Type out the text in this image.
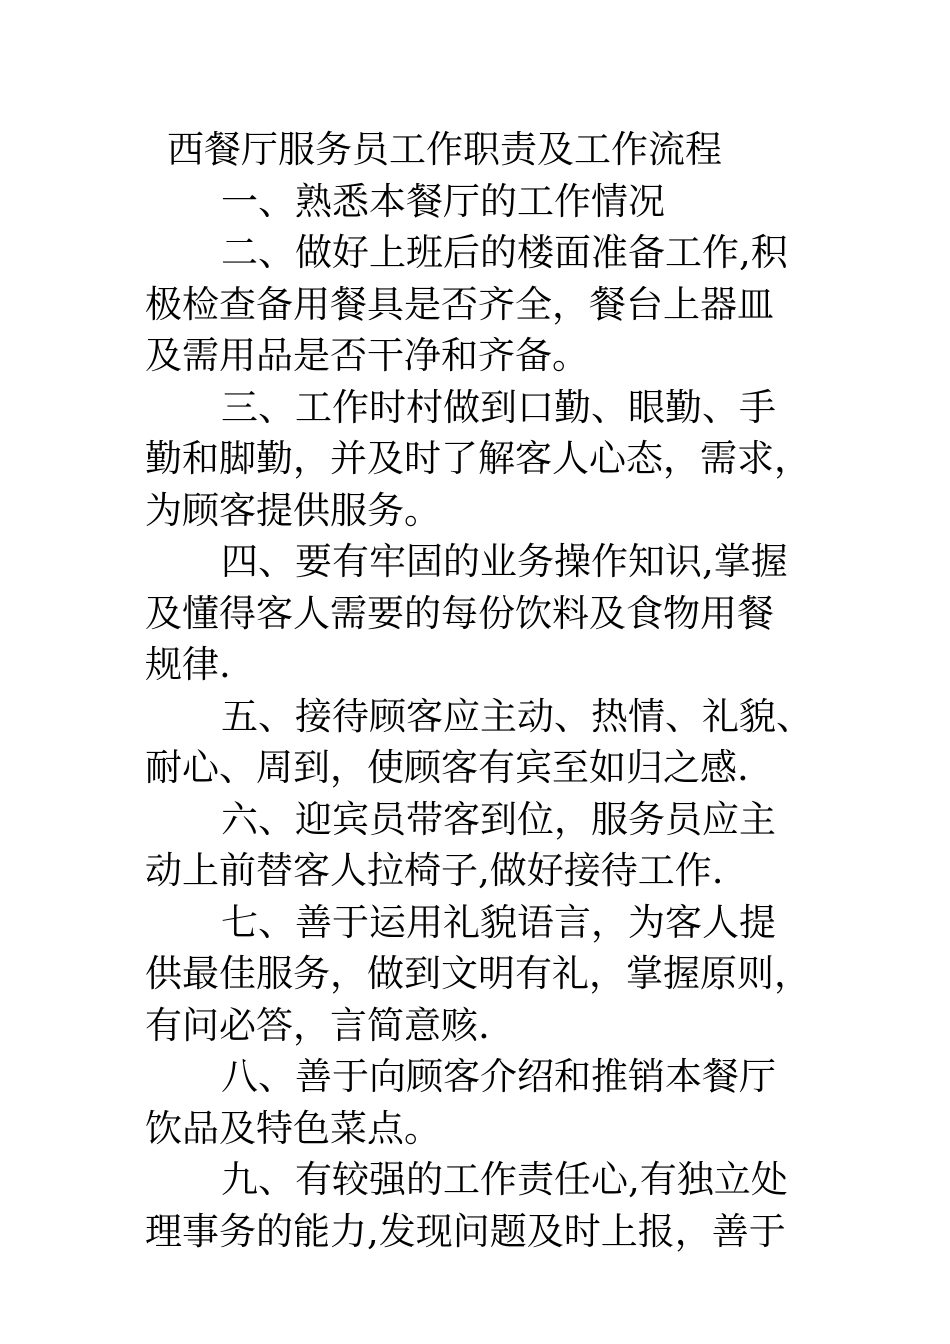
西餐厅服务员工作职责及工作流程

一、熟悉本餐厅的工作情况

二、做好上班后的楼面准备工作,积
极检查备用餐具是否齐全，餐台上器皿
及需用品是否干净和齐备。

三、工作时村做到口勤、眼勤、手
勤和脚勤，并及时了解客人心态，需求，
为顾客提供服务。

四、要有牢固的业务操作知识,掌握
及懂得客人需要的每份饮料及食物用餐
规律.

五、接待顾客应主动、热情、礼貌、
耐心、周到，使顾客有宾至如归之感.

六、迎宾员带客到位，服务员应主
动上前替客人拉椅子,做好接待工作.

七、善于运用礼貌语言，为客人提
供最佳服务，做到文明有礼，掌握原则，
有问必答，言简意赅.

八、善于向顾客介绍和推销本餐厅
饮品及特色菜点。

九、有较强的工作责任心,有独立处
理事务的能力,发现问题及时上报，善于
